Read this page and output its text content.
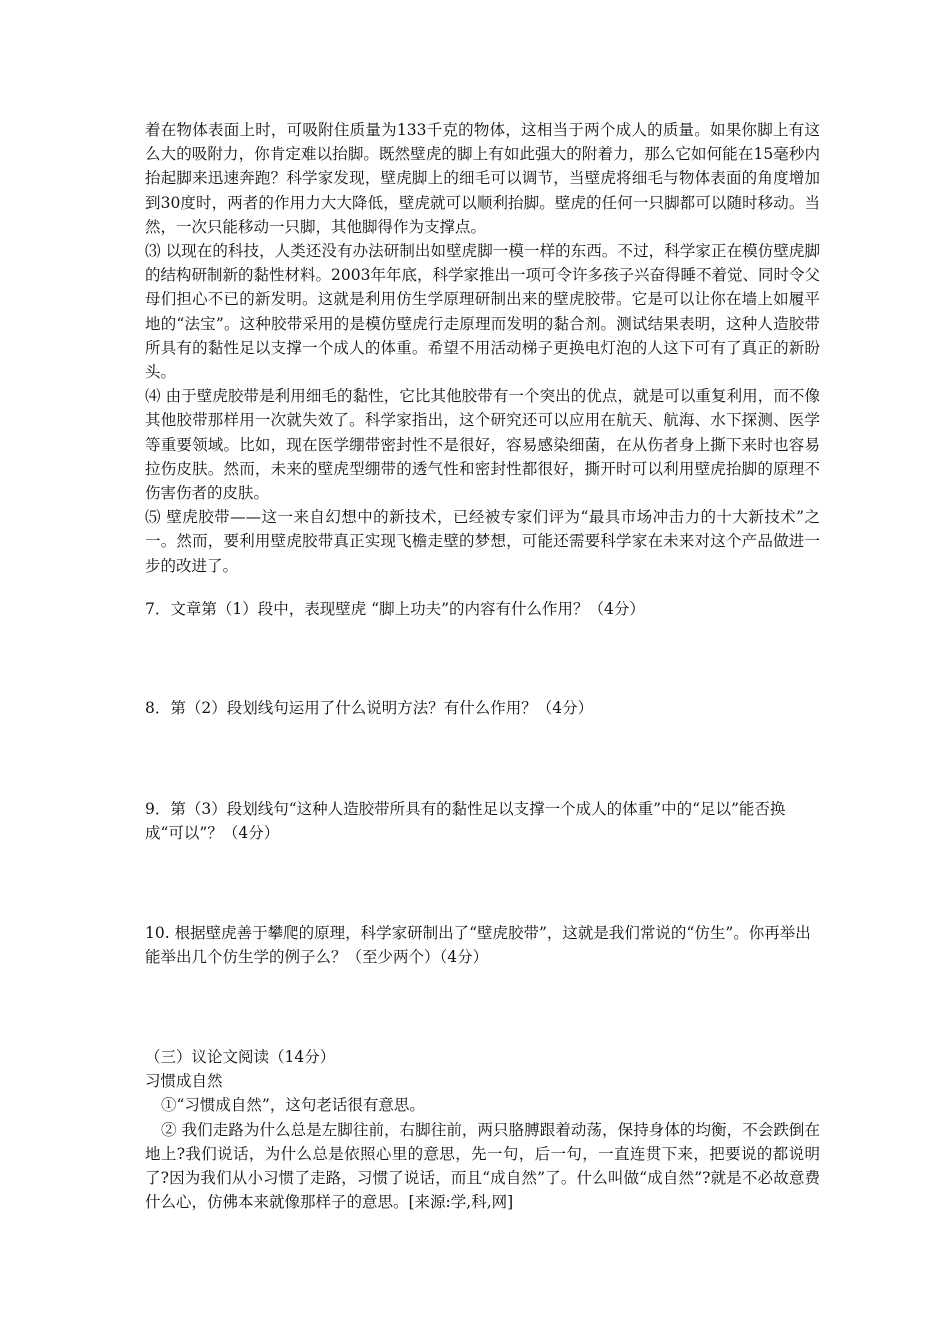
着在物体表面上时，可吸附住质量为133千克的物体，这相当于两个成人的质量。如果你脚上有这么大的吸附力，你肯定难以抬脚。既然壁虎的脚上有如此强大的附着力，那么它如何能在15毫秒内抬起脚来迅速奔跑？科学家发现，壁虎脚上的细毛可以调节，当壁虎将细毛与物体表面的角度增加到30度时，两者的作用力大大降低，壁虎就可以顺利抬脚。壁虎的任何一只脚都可以随时移动。当然，一次只能移动一只脚，其他脚得作为支撑点。

⑶ 以现在的科技，人类还没有办法研制出如壁虎脚一模一样的东西。不过，科学家正在模仿壁虎脚的结构研制新的黏性材料。2003年年底，科学家推出一项可令许多孩子兴奋得睡不着觉、同时令父母们担心不已的新发明。这就是利用仿生学原理研制出来的壁虎胶带。它是可以让你在墙上如履平地的“法宝”。这种胶带采用的是模仿壁虎行走原理而发明的黏合剂。测试结果表明，这种人造胶带所具有的黏性足以支撑一个成人的体重。希望不用活动梯子更换电灯泡的人这下可有了真正的新盼头。

⑷ 由于壁虎胶带是利用细毛的黏性，它比其他胶带有一个突出的优点，就是可以重复利用，而不像其他胶带那样用一次就失效了。科学家指出，这个研究还可以应用在航天、航海、水下探测、医学等重要领域。比如，现在医学绷带密封性不是很好，容易感染细菌，在从伤者身上撕下来时也容易拉伤皮肤。然而，未来的壁虎型绷带的透气性和密封性都很好，撕开时可以利用壁虎抬脚的原理不伤害伤者的皮肤。

⑸ 壁虎胶带——这一来自幻想中的新技术，已经被专家们评为“最具市场冲击力的十大新技术”之一。然而，要利用壁虎胶带真正实现飞檐走壁的梦想，可能还需要科学家在未来对这个产品做进一步的改进了。

7．文章第（1）段中，表现壁虎 “脚上功夫”的内容有什么作用？（4分）

8．第（2）段划线句运用了什么说明方法？有什么作用？（4分）

9．第（3）段划线句“这种人造胶带所具有的黏性足以支撑一个成人的体重”中的“足以”能否换成“可以”？（4分）

10. 根据壁虎善于攀爬的原理，科学家研制出了“壁虎胶带”，这就是我们常说的“仿生”。你再举出能举出几个仿生学的例子么？（至少两个）（4分）

（三）议论文阅读（14分）

习惯成自然

①“习惯成自然”，这句老话很有意思。

② 我们走路为什么总是左脚往前，右脚往前，两只胳膊跟着动荡，保持身体的均衡，不会跌倒在地上?我们说话，为什么总是依照心里的意思，先一句，后一句，一直连贯下来，把要说的都说明了?因为我们从小习惯了走路，习惯了说话，而且“成自然”了。什么叫做“成自然”?就是不必故意费什么心，仿佛本来就像那样子的意思。[来源:学,科,网]
